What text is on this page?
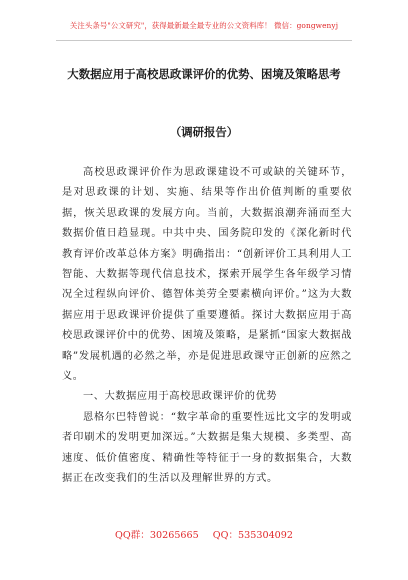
关注头条号"公文研究"，获得最新最全最专业的公文资料库！ 微信：gongwenyj
大数据应用于高校思政课评价的优势、困境及策略思考
（调研报告）

高校思政课评价作为思政课建设不可或缺的关键环节，是对思政课的计划、实施、结果等作出价值判断的重要依据，恢关思政课的发展方向。当前，大数据浪潮奔涌而至大数据价值日趋显现。中共中央、国务院印发的《深化新时代教育评价改革总体方案》明确指出：“创新评价工具利用人工智能、大数据等现代信息技术，探索开展学生各年级学习情况全过程纵向评价、德智体美劳全要素横向评价。”这为大数据应用于思政课评价提供了重要遵循。探讨大数据应用于高校思政课评价中的优势、困境及策略，是紧抓“国家大数据战略”发展机遇的必然之举，亦是促进思政课守正创新的应然之义。

一、大数据应用于高校思政课评价的优势

恩格尔巴特曾说：“数字革命的重要性远比文字的发明或者印刷术的发明更加深远。”大数据是集大规模、多类型、高速度、低价值密度、精确性等特征于一身的数据集合，大数据正在改变我们的生活以及理解世界的方式。

QQ群：30265665 QQ：535304092
